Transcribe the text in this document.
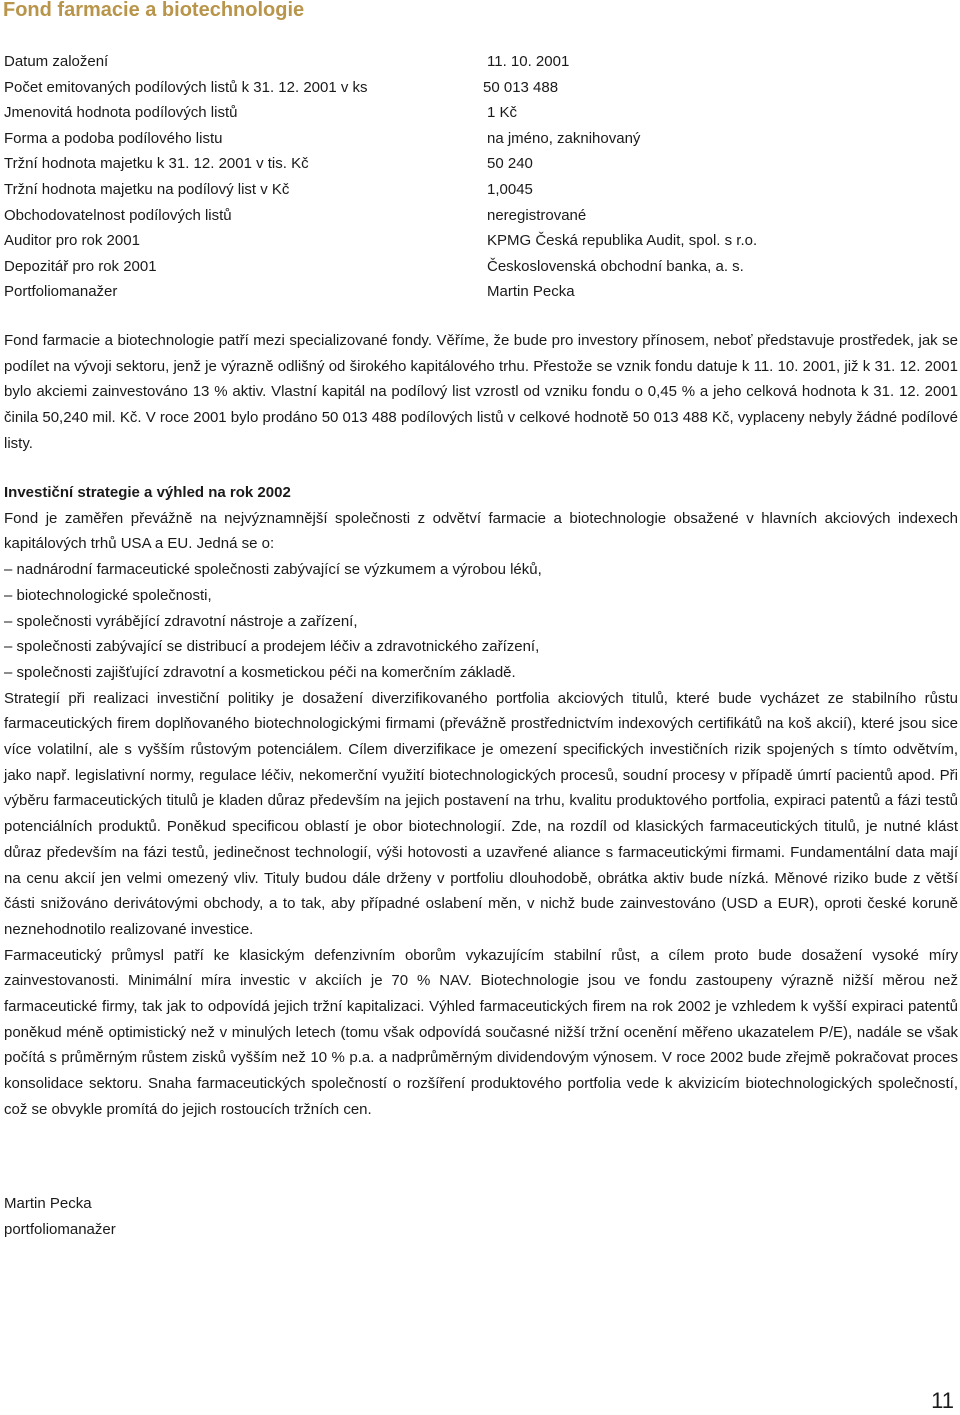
Fond farmacie a biotechnologie
Datum založení	11. 10. 2001
Počet emitovaných podílových listů k 31. 12. 2001 v ks	50 013 488
Jmenovitá hodnota podílových listů	1 Kč
Forma a podoba podílového listu	na jméno, zaknihovaný
Tržní hodnota majetku k 31. 12. 2001 v tis. Kč	50 240
Tržní hodnota majetku na podílový list v Kč	1,0045
Obchodovatelnost podílových listů	neregistrované
Auditor pro rok 2001	KPMG Česká republika Audit, spol. s r.o.
Depozitář pro rok 2001	Československá obchodní banka, a. s.
Portfoliomanažer	Martin Pecka

Fond farmacie a biotechnologie patří mezi specializované fondy. Věříme, že bude pro investory přínosem, neboť představuje prostředek, jak se podílet na vývoji sektoru, jenž je výrazně odlišný od širokého kapitálového trhu. Přestože se vznik fondu datuje k 11. 10. 2001, již k 31. 12. 2001 bylo akciemi zainvestováno 13 % aktiv. Vlastní kapitál na podílový list vzrostl od vzniku fondu o 0,45 % a jeho celková hodnota k 31. 12. 2001 činila 50,240 mil. Kč. V roce 2001 bylo prodáno 50 013 488 podílových listů v celkové hodnotě 50 013 488 Kč, vyplaceny nebyly žádné podílové listy.

Investiční strategie a výhled na rok 2002

Fond je zaměřen převážně na nejvýznamnější společnosti z odvětví farmacie a biotechnologie obsažené v hlavních akciových indexech kapitálových trhů USA a EU. Jedná se o:

– nadnárodní farmaceutické společnosti zabývající se výzkumem a výrobou léků,

– biotechnologické společnosti,

– společnosti vyrábějící zdravotní nástroje a zařízení,

– společnosti zabývající se distribucí a prodejem léčiv a zdravotnického zařízení,

– společnosti zajišťující zdravotní a kosmetickou péči na komerčním základě.

Strategií při realizaci investiční politiky je dosažení diverzifikovaného portfolia akciových titulů, které bude vycházet ze stabilního růstu farmaceutických firem doplňovaného biotechnologickými firmami (převážně prostřednictvím indexových certifikátů na koš akcií), které jsou sice více volatilní, ale s vyšším růstovým potenciálem. Cílem diverzifikace je omezení specifických investičních rizik spojených s tímto odvětvím, jako např. legislativní normy, regulace léčiv, nekomerční využití biotechnologických procesů, soudní procesy v případě úmrtí pacientů apod. Při výběru farmaceutických titulů je kladen důraz především na jejich postavení na trhu, kvalitu produktového portfolia, expiraci patentů a fázi testů potenciálních produktů. Poněkud specificou oblastí je obor biotechnologií. Zde, na rozdíl od klasických farmaceutických titulů, je nutné klást důraz především na fázi testů, jedinečnost technologií, výši hotovosti a uzavřené aliance s farmaceutickými firmami. Fundamentální data mají na cenu akcií jen velmi omezený vliv. Tituly budou dále drženy v portfoliu dlouhodobě, obrátka aktiv bude nízká. Měnové riziko bude z větší části snižováno derivátovými obchody, a to tak, aby případné oslabení měn, v nichž bude zainvestováno (USD a EUR), oproti české koruně neznehodnotilo realizované investice.

Farmaceutický průmysl patří ke klasickým defenzivním oborům vykazujícím stabilní růst, a cílem proto bude dosažení vysoké míry zainvestovanosti. Minimální míra investic v akciích je 70 % NAV. Biotechnologie jsou ve fondu zastoupeny výrazně nižší měrou než farmaceutické firmy, tak jak to odpovídá jejich tržní kapitalizaci. Výhled farmaceutických firem na rok 2002 je vzhledem k vyšší expiraci patentů poněkud méně optimistický než v minulých letech (tomu však odpovídá současné nižší tržní ocenění měřeno ukazatelem P/E), nadále se však počítá s průměrným růstem zisků vyšším než 10 % p.a. a nadprůměrným dividendovým výnosem. V roce 2002 bude zřejmě pokračovat proces konsolidace sektoru. Snaha farmaceutických společností o rozšíření produktového portfolia vede k akvizicím biotechnologických společností, což se obvykle promítá do jejich rostoucích tržních cen.

Martin Pecka
portfoliomanažer
11
